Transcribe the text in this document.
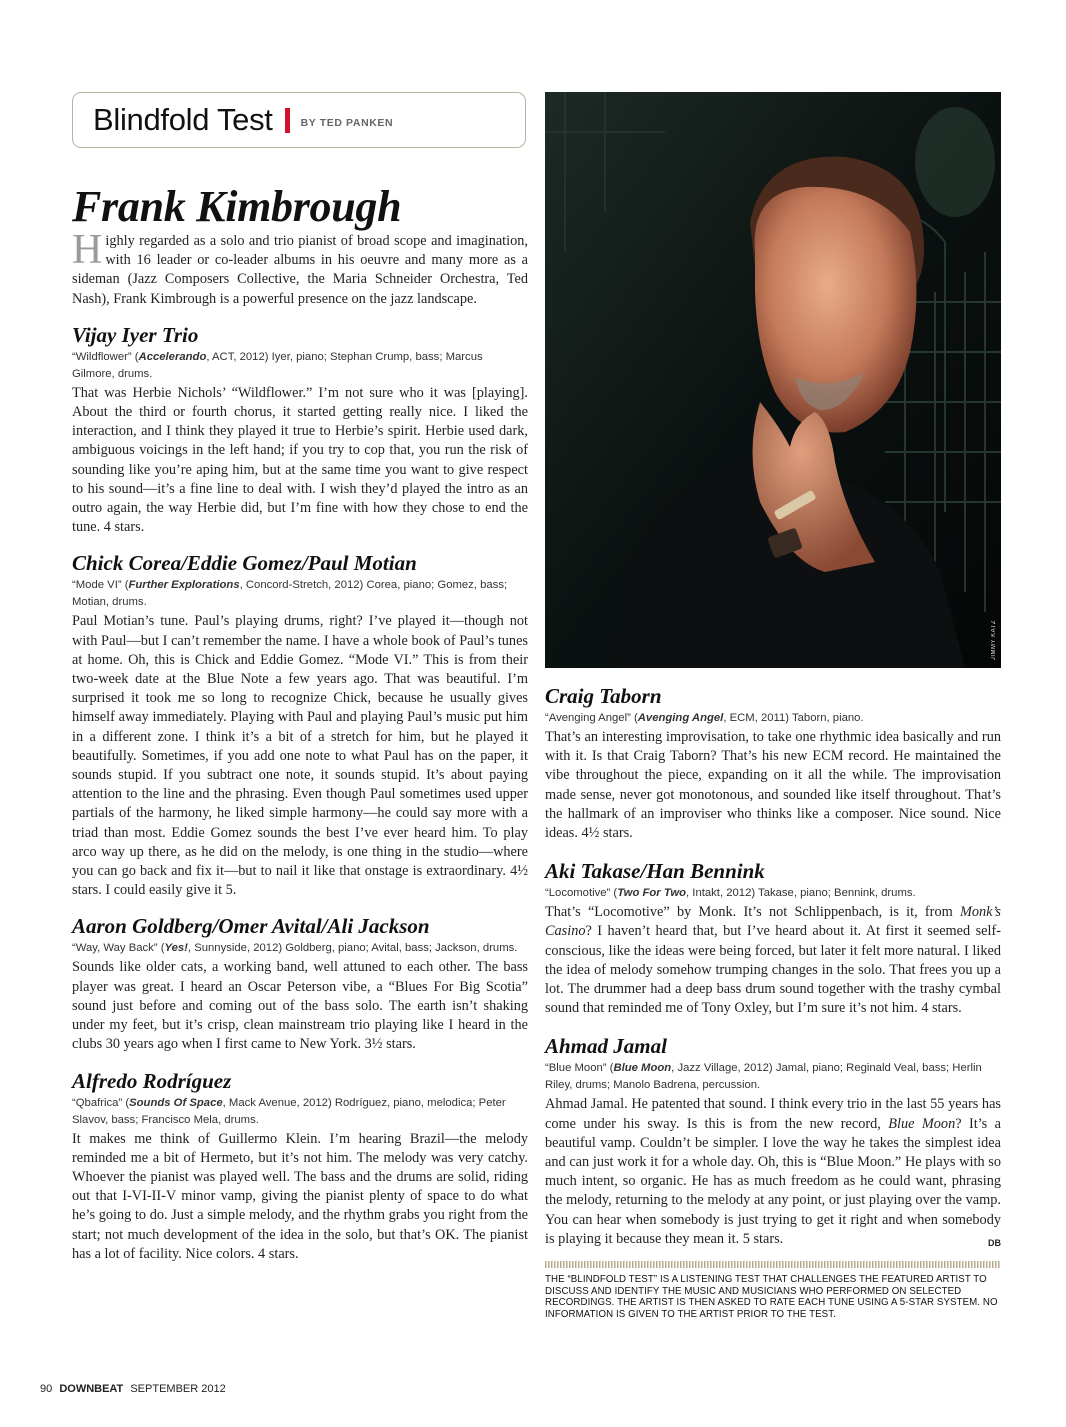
Blindfold Test	BY TED PANKEN
Frank Kimbrough
H ighly regarded as a solo and trio pianist of broad scope and imagination, with 16 leader or co-leader albums in his oeuvre and many more as a sideman (Jazz Composers Collective, the Maria Schneider Orchestra, Ted Nash), Frank Kimbrough is a powerful presence on the jazz landscape.

Vijay Iyer Trio
“Wildflower” (Accelerando, ACT, 2012) Iyer, piano; Stephan Crump, bass; Marcus Gilmore, drums.

That was Herbie Nichols’ “Wildflower.” I’m not sure who it was [playing]. About the third or fourth chorus, it started getting really nice. I liked the interaction, and I think they played it true to Herbie’s spirit. Herbie used dark, ambiguous voicings in the left hand; if you try to cop that, you run the risk of sounding like you’re aping him, but at the same time you want to give respect to his sound—it’s a fine line to deal with. I wish they’d played the intro as an outro again, the way Herbie did, but I’m fine with how they chose to end the tune. 4 stars.

Chick Corea/Eddie Gomez/Paul Motian
“Mode VI” (Further Explorations, Concord-Stretch, 2012) Corea, piano; Gomez, bass; Motian, drums.

Paul Motian’s tune. Paul’s playing drums, right? I’ve played it—though not with Paul—but I can’t remember the name. I have a whole book of Paul’s tunes at home. Oh, this is Chick and Eddie Gomez. “Mode VI.” This is from their two-week date at the Blue Note a few years ago. That was beautiful. I’m surprised it took me so long to recognize Chick, because he usually gives himself away immediately. Playing with Paul and playing Paul’s music put him in a different zone. I think it’s a bit of a stretch for him, but he played it beautifully. Sometimes, if you add one note to what Paul has on the paper, it sounds stupid. If you subtract one note, it sounds stupid. It’s about paying attention to the line and the phrasing. Even though Paul sometimes used upper partials of the harmony, he liked simple harmony—he could say more with a triad than most. Eddie Gomez sounds the best I’ve ever heard him. To play arco way up there, as he did on the melody, is one thing in the studio—where you can go back and fix it—but to nail it like that onstage is extraordinary. 4½ stars. I could easily give it 5.

Aaron Goldberg/Omer Avital/Ali Jackson
“Way, Way Back” (Yes!, Sunnyside, 2012) Goldberg, piano; Avital, bass; Jackson, drums.

Sounds like older cats, a working band, well attuned to each other. The bass player was great. I heard an Oscar Peterson vibe, a “Blues For Big Scotia” sound just before and coming out of the bass solo. The earth isn’t shaking under my feet, but it’s crisp, clean mainstream trio playing like I heard in the clubs 30 years ago when I first came to New York. 3½ stars.

Alfredo Rodríguez
“Qbafrica” (Sounds Of Space, Mack Avenue, 2012) Rodríguez, piano, melodica; Peter Slavov, bass; Francisco Mela, drums.

It makes me think of Guillermo Klein. I’m hearing Brazil—the melody reminded me a bit of Hermeto, but it’s not him. The melody was very catchy. Whoever the pianist was played well. The bass and the drums are solid, riding out that I-VI-II-V minor vamp, giving the pianist plenty of space to do what he’s going to do. Just a simple melody, and the rhythm grabs you right from the start; not much development of the idea in the solo, but that’s OK. The pianist has a lot of facility. Nice colors. 4 stars.

JIMMY KATZ
Craig Taborn
“Avenging Angel” (Avenging Angel, ECM, 2011) Taborn, piano.

That’s an interesting improvisation, to take one rhythmic idea basically and run with it. Is that Craig Taborn? That’s his new ECM record. He maintained the vibe throughout the piece, expanding on it all the while. The improvisation made sense, never got monotonous, and sounded like itself throughout. That’s the hallmark of an improviser who thinks like a composer. Nice sound. Nice ideas. 4½ stars.

Aki Takase/Han Bennink
“Locomotive” (Two For Two, Intakt, 2012) Takase, piano; Bennink, drums.

That’s “Locomotive” by Monk. It’s not Schlippenbach, is it, from Monk’s Casino? I haven’t heard that, but I’ve heard about it. At first it seemed self-conscious, like the ideas were being forced, but later it felt more natural. I liked the idea of melody somehow trumping changes in the solo. That frees you up a lot. The drummer had a deep bass drum sound together with the trashy cymbal sound that reminded me of Tony Oxley, but I’m sure it’s not him. 4 stars.

Ahmad Jamal
“Blue Moon” (Blue Moon, Jazz Village, 2012) Jamal, piano; Reginald Veal, bass; Herlin Riley, drums; Manolo Badrena, percussion.

Ahmad Jamal. He patented that sound. I think every trio in the last 55 years has come under his sway. Is this is from the new record, Blue Moon? It’s a beautiful vamp. Couldn’t be simpler. I love the way he takes the simplest idea and can just work it for a whole day. Oh, this is “Blue Moon.” He plays with so much intent, so organic. He has as much freedom as he could want, phrasing the melody, returning to the melody at any point, or just playing over the vamp. You can hear when somebody is just trying to get it right and when somebody is playing it because they mean it. 5 stars.	DB

THE “BLINDFOLD TEST” IS A LISTENING TEST THAT CHALLENGES THE FEATURED ARTIST TO DISCUSS AND IDENTIFY THE MUSIC AND MUSICIANS WHO PERFORMED ON SELECTED RECORDINGS. THE ARTIST IS THEN ASKED TO RATE EACH TUNE USING A 5-STAR SYSTEM. NO INFORMATION IS GIVEN TO THE ARTIST PRIOR TO THE TEST.
90 DOWNBEAT SEPTEMBER 2012
